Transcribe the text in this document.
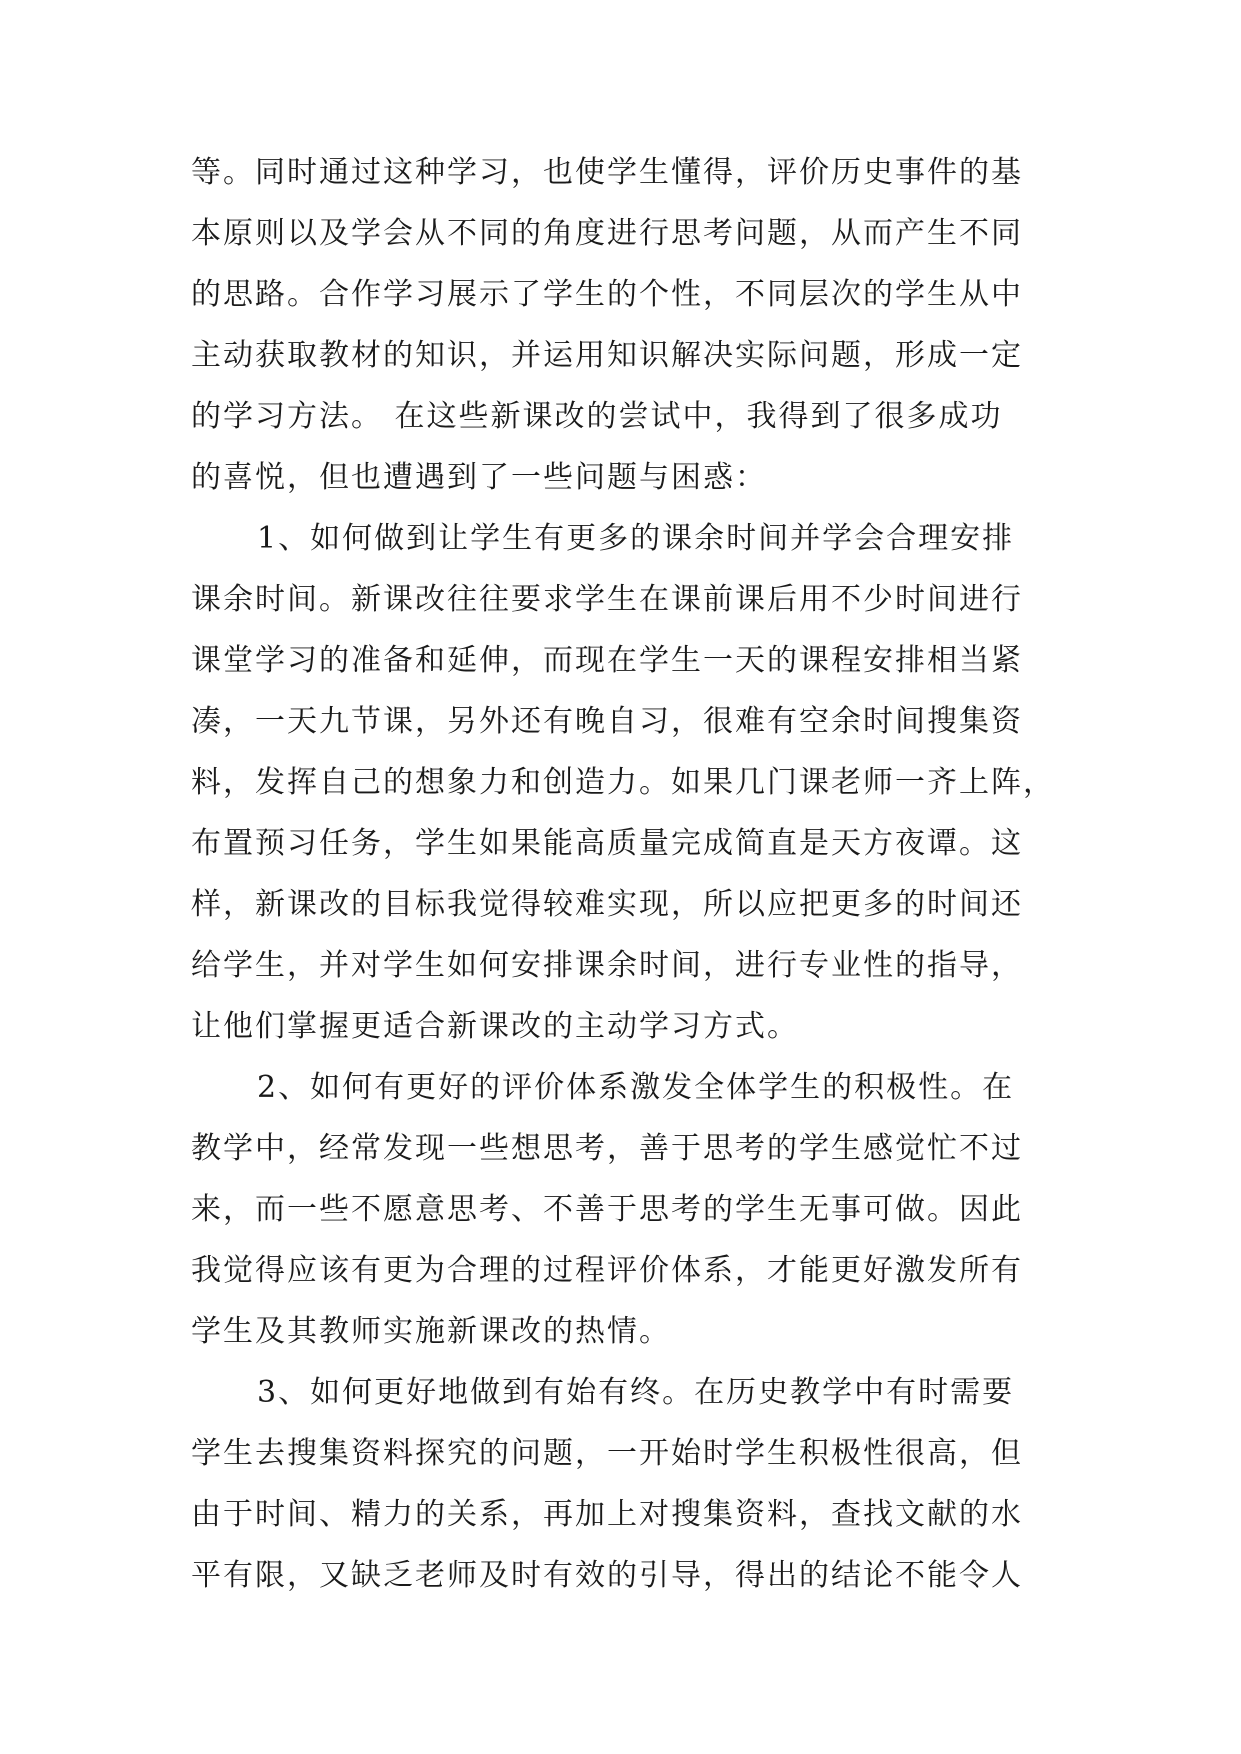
等。同时通过这种学习，也使学生懂得，评价历史事件的基
本原则以及学会从不同的角度进行思考问题，从而产生不同
的思路。合作学习展示了学生的个性，不同层次的学生从中
主动获取教材的知识，并运用知识解决实际问题，形成一定
的学习方法。 在这些新课改的尝试中，我得到了很多成功
的喜悦，但也遭遇到了一些问题与困惑：

1、如何做到让学生有更多的课余时间并学会合理安排
课余时间。新课改往往要求学生在课前课后用不少时间进行
课堂学习的准备和延伸，而现在学生一天的课程安排相当紧
凑，一天九节课，另外还有晚自习，很难有空余时间搜集资
料，发挥自己的想象力和创造力。如果几门课老师一齐上阵，
布置预习任务，学生如果能高质量完成简直是天方夜谭。这
样，新课改的目标我觉得较难实现，所以应把更多的时间还
给学生，并对学生如何安排课余时间，进行专业性的指导，
让他们掌握更适合新课改的主动学习方式。

2、如何有更好的评价体系激发全体学生的积极性。在
教学中，经常发现一些想思考，善于思考的学生感觉忙不过
来，而一些不愿意思考、不善于思考的学生无事可做。因此
我觉得应该有更为合理的过程评价体系，才能更好激发所有
学生及其教师实施新课改的热情。

3、如何更好地做到有始有终。在历史教学中有时需要
学生去搜集资料探究的问题，一开始时学生积极性很高，但
由于时间、精力的关系，再加上对搜集资料，查找文献的水
平有限，又缺乏老师及时有效的引导，得出的结论不能令人
